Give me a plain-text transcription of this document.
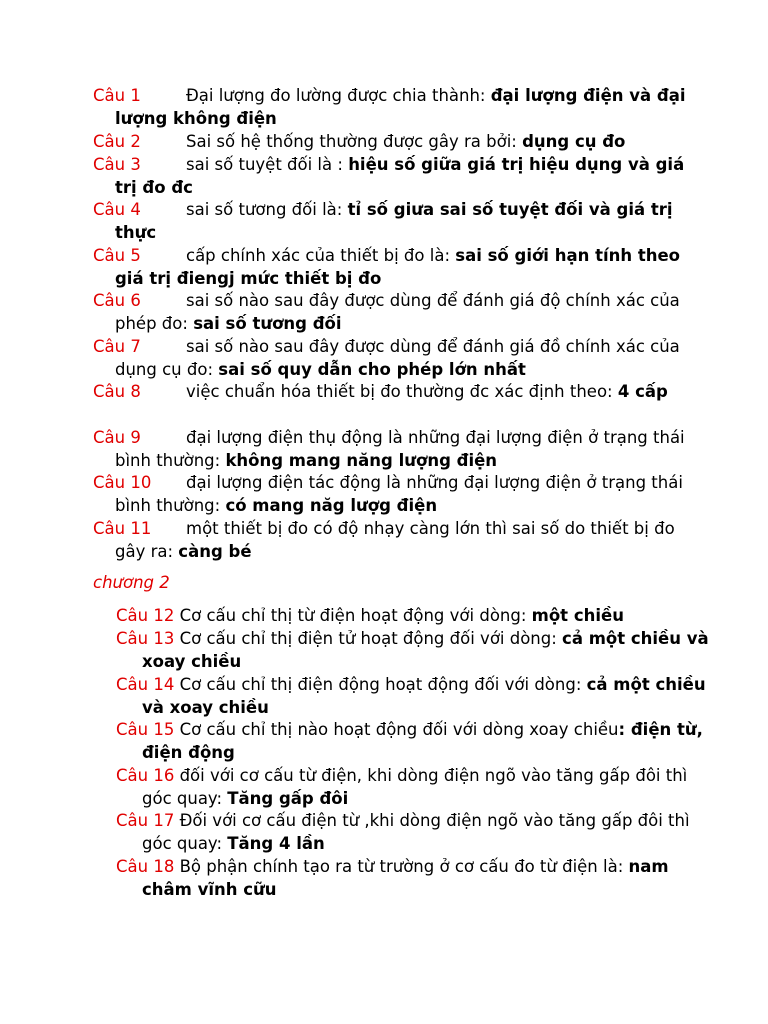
Câu 1	Đại lượng đo lường được chia thành: đại lượng điện và đại lượng không điện

Câu 2	Sai số hệ thống thường được gây ra bởi: dụng cụ đo

Câu 3	sai số tuyệt đối là : hiệu số giữa giá trị hiệu dụng và giá trị đo đc

Câu 4	sai số tương đối là: tỉ số giưa sai số tuyệt đối và giá trị thực

Câu 5	cấp chính xác của thiết bị đo là: sai số giới hạn tính theo giá trị điengj mức thiết bị đo

Câu 6	sai số nào sau đây được dùng để đánh giá độ chính xác của phép đo: sai số tương đối

Câu 7	sai số nào sau đây được dùng để đánh giá đồ chính xác của dụng cụ đo: sai số quy dẫn cho phép lớn nhất

Câu 8	việc chuẩn hóa thiết bị đo thường đc xác định theo: 4 cấp

Câu 9	đại lượng điện thụ động là những đại lượng điện ở trạng thái bình thường: không mang năng lượng điện

Câu 10 đại lượng điện tác động là những đại lượng điện ở trạng thái bình thường: có mang năg lượg điện

Câu 11 một thiết bị đo có độ nhạy càng lớn thì sai số do thiết bị đo gây ra: càng bé

chương 2

Câu 12 Cơ cấu chỉ thị từ điện hoạt động với dòng: một chiều

Câu 13 Cơ cấu chỉ thị điện tử hoạt động đối với dòng: cả một chiều và xoay chiều

Câu 14 Cơ cấu chỉ thị điện động hoạt động đối với dòng: cả một chiều và xoay chiều

Câu 15 Cơ cấu chỉ thị nào hoạt động đối với dòng xoay chiều: điện từ, điện động

Câu 16 đối với cơ cấu từ điện, khi dòng điện ngõ vào tăng gấp đôi thì góc quay: Tăng gấp đôi

Câu 17 Đối với cơ cấu điện từ ,khi dòng điện ngõ vào tăng gấp đôi thì góc quay: Tăng 4 lần

Câu 18 Bộ phận chính tạo ra từ trường ở cơ cấu đo từ điện là: nam châm vĩnh cữu
